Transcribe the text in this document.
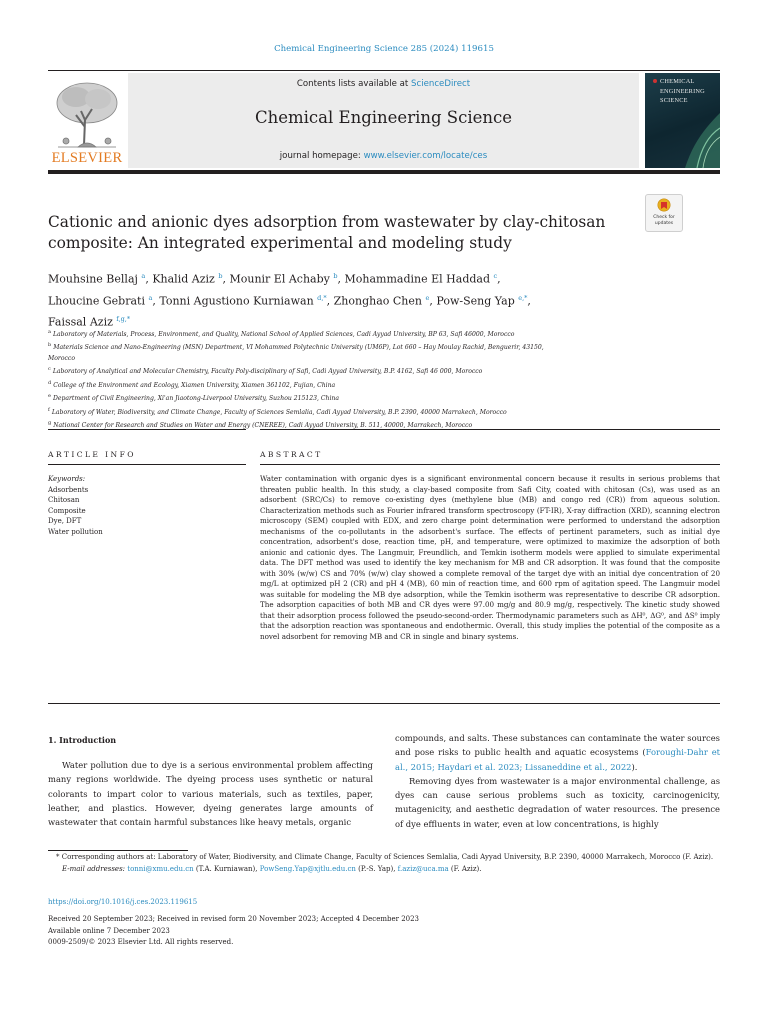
Chemical Engineering Science 285 (2024) 119615
ELSEVIER
Contents lists available at ScienceDirect
Chemical Engineering Science
journal homepage: www.elsevier.com/locate/ces
CHEMICAL
ENGINEERING
SCIENCE
Cationic and anionic dyes adsorption from wastewater by clay-chitosan
composite: An integrated experimental and modeling study
Check for
updates
Mouhsine Bellaj $^a$, Khalid Aziz $^b$, Mounir El Achaby $^b$, Mohammadine El Haddad $^c$,
Lhoucine Gebrati $^a$, Tonni Agustiono Kurniawan $^{d,*}$, Zhonghao Chen $^e$, Pow-Seng Yap $^{e,*}$,
Faissal Aziz $^{f,g,*}$
$^a$ Laboratory of Materials, Process, Environment, and Quality, National School of Applied Sciences, Cadi Ayyad University, BP 63, Safi 46000, Morocco
$^b$ Materials Science and Nano-Engineering (MSN) Department, VI Mohammed Polytechnic University (UM6P), Lot 660 – Hay Moulay Rachid, Benguerir, 43150,
Morocco
$^c$ Laboratory of Analytical and Molecular Chemistry, Faculty Poly-disciplinary of Safi, Cadi Ayyad University, B.P. 4162, Safi 46 000, Morocco
$^d$ College of the Environment and Ecology, Xiamen University, Xiamen 361102, Fujian, China
$^e$ Department of Civil Engineering, Xi'an Jiaotong-Liverpool University, Suzhou 215123, China
$^f$ Laboratory of Water, Biodiversity, and Climate Change, Faculty of Sciences Semlalia, Cadi Ayyad University, B.P. 2390, 40000 Marrakech, Morocco
$^g$ National Center for Research and Studies on Water and Energy (CNEREE), Cadi Ayyad University, B. 511, 40000, Marrakech, Morocco
ARTICLE INFO	ABSTRACT
Keywords:
Adsorbents
Chitosan
Composite
Dye, DFT
Water pollution
Water contamination with organic dyes is a significant environmental concern because it results in serious problems that threaten public health. In this study, a clay-based composite from Safi City, coated with chitosan (Cs), was used as an adsorbent (SRC/Cs) to remove co-existing dyes (methylene blue (MB) and congo red (CR)) from aqueous solution. Characterization methods such as Fourier infrared transform spectroscopy (FT-IR), X-ray diffraction (XRD), scanning electron microscopy (SEM) coupled with EDX, and zero charge point determination were performed to understand the adsorption mechanisms of the co-pollutants in the adsorbent's surface. The effects of pertinent parameters, such as initial dye concentration, adsorbent's dose, reaction time, pH, and temperature, were optimized to maximize the adsorption of both anionic and cationic dyes. The Langmuir, Freundlich, and Temkin isotherm models were applied to simulate experimental data. The DFT method was used to identify the key mechanism for MB and CR adsorption. It was found that the composite with 30% (w/w) CS and 70% (w/w) clay showed a complete removal of the target dye with an initial dye concentration of 20 mg/L at optimized pH 2 (CR) and pH 4 (MB), 60 min of reaction time, and 600 rpm of agitation speed. The Langmuir model was suitable for modeling the MB dye adsorption, while the Temkin isotherm was representative to describe CR adsorption. The adsorption capacities of both MB and CR dyes were 97.00 mg/g and 80.9 mg/g, respectively. The kinetic study showed that their adsorption process followed the pseudo-second-order. Thermodynamic parameters such as ΔH⁰, ΔG⁰, and ΔS⁰ imply that the adsorption reaction was spontaneous and endothermic. Overall, this study implies the potential of the composite as a novel adsorbent for removing MB and CR in single and binary systems.
1. Introduction
Water pollution due to dye is a serious environmental problem affecting many regions worldwide. The dyeing process uses synthetic or natural colorants to impart color to various materials, such as textiles, paper, leather, and plastics. However, dyeing generates large amounts of wastewater that contain harmful substances like heavy metals, organic

compounds, and salts. These substances can contaminate the water sources and pose risks to public health and aquatic ecosystems (Foroughi-Dahr et al., 2015; Haydari et al. 2023; Lissaneddine et al., 2022).

Removing dyes from wastewater is a major environmental challenge, as dyes can cause serious problems such as toxicity, carcinogenicity, mutagenicity, and aesthetic degradation of water resources. The presence of dye effluents in water, even at low concentrations, is highly

* Corresponding authors at: Laboratory of Water, Biodiversity, and Climate Change, Faculty of Sciences Semlalia, Cadi Ayyad University, B.P. 2390, 40000 Marrakech, Morocco (F. Aziz).
E-mail addresses: tonni@xmu.edu.cn (T.A. Kurniawan), PowSeng.Yap@xjtlu.edu.cn (P.-S. Yap), f.aziz@uca.ma (F. Aziz).
https://doi.org/10.1016/j.ces.2023.119615
Received 20 September 2023; Received in revised form 20 November 2023; Accepted 4 December 2023
Available online 7 December 2023
0009-2509/© 2023 Elsevier Ltd. All rights reserved.
